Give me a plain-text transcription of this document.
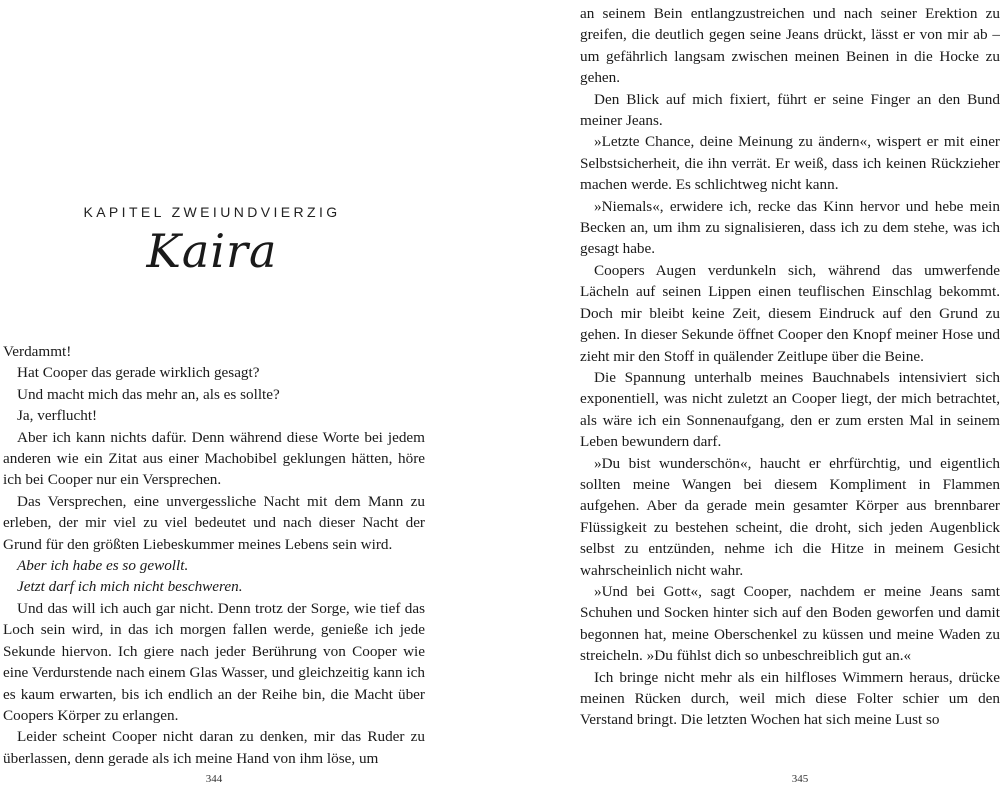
KAPITEL ZWEIUNDVIERZIG
Kaira

Verdammt!

Hat Cooper das gerade wirklich gesagt?

Und macht mich das mehr an, als es sollte?

Ja, verflucht!

Aber ich kann nichts dafür. Denn während diese Worte bei jedem anderen wie ein Zitat aus einer Machobibel geklungen hätten, höre ich bei Cooper nur ein Versprechen.

Das Versprechen, eine unvergessliche Nacht mit dem Mann zu erleben, der mir viel zu viel bedeutet und nach dieser Nacht der Grund für den größten Liebeskummer meines Lebens sein wird.

Aber ich habe es so gewollt.

Jetzt darf ich mich nicht beschweren.

Und das will ich auch gar nicht. Denn trotz der Sorge, wie tief das Loch sein wird, in das ich morgen fallen werde, genieße ich jede Sekunde hiervon. Ich giere nach jeder Berührung von Cooper wie eine Verdurstende nach einem Glas Wasser, und gleichzeitig kann ich es kaum erwarten, bis ich endlich an der Reihe bin, die Macht über Coopers Körper zu erlangen.

Leider scheint Cooper nicht daran zu denken, mir das Ruder zu überlassen, denn gerade als ich meine Hand von ihm löse, um

344

an seinem Bein entlangzustreichen und nach seiner Erektion zu greifen, die deutlich gegen seine Jeans drückt, lässt er von mir ab – um gefährlich langsam zwischen meinen Beinen in die Hocke zu gehen.

Den Blick auf mich fixiert, führt er seine Finger an den Bund meiner Jeans.

»Letzte Chance, deine Meinung zu ändern«, wispert er mit einer Selbstsicherheit, die ihn verrät. Er weiß, dass ich keinen Rückzieher machen werde. Es schlichtweg nicht kann.

»Niemals«, erwidere ich, recke das Kinn hervor und hebe mein Becken an, um ihm zu signalisieren, dass ich zu dem stehe, was ich gesagt habe.

Coopers Augen verdunkeln sich, während das umwerfende Lächeln auf seinen Lippen einen teuflischen Einschlag bekommt. Doch mir bleibt keine Zeit, diesem Eindruck auf den Grund zu gehen. In dieser Sekunde öffnet Cooper den Knopf meiner Hose und zieht mir den Stoff in quälender Zeitlupe über die Beine.

Die Spannung unterhalb meines Bauchnabels intensiviert sich exponentiell, was nicht zuletzt an Cooper liegt, der mich betrachtet, als wäre ich ein Sonnenaufgang, den er zum ersten Mal in seinem Leben bewundern darf.

»Du bist wunderschön«, haucht er ehrfürchtig, und eigentlich sollten meine Wangen bei diesem Kompliment in Flammen aufgehen. Aber da gerade mein gesamter Körper aus brennbarer Flüssigkeit zu bestehen scheint, die droht, sich jeden Augenblick selbst zu entzünden, nehme ich die Hitze in meinem Gesicht wahrscheinlich nicht wahr.

»Und bei Gott«, sagt Cooper, nachdem er meine Jeans samt Schuhen und Socken hinter sich auf den Boden geworfen und damit begonnen hat, meine Oberschenkel zu küssen und meine Waden zu streicheln. »Du fühlst dich so unbeschreiblich gut an.«

Ich bringe nicht mehr als ein hilfloses Wimmern heraus, drücke meinen Rücken durch, weil mich diese Folter schier um den Verstand bringt. Die letzten Wochen hat sich meine Lust so

345
